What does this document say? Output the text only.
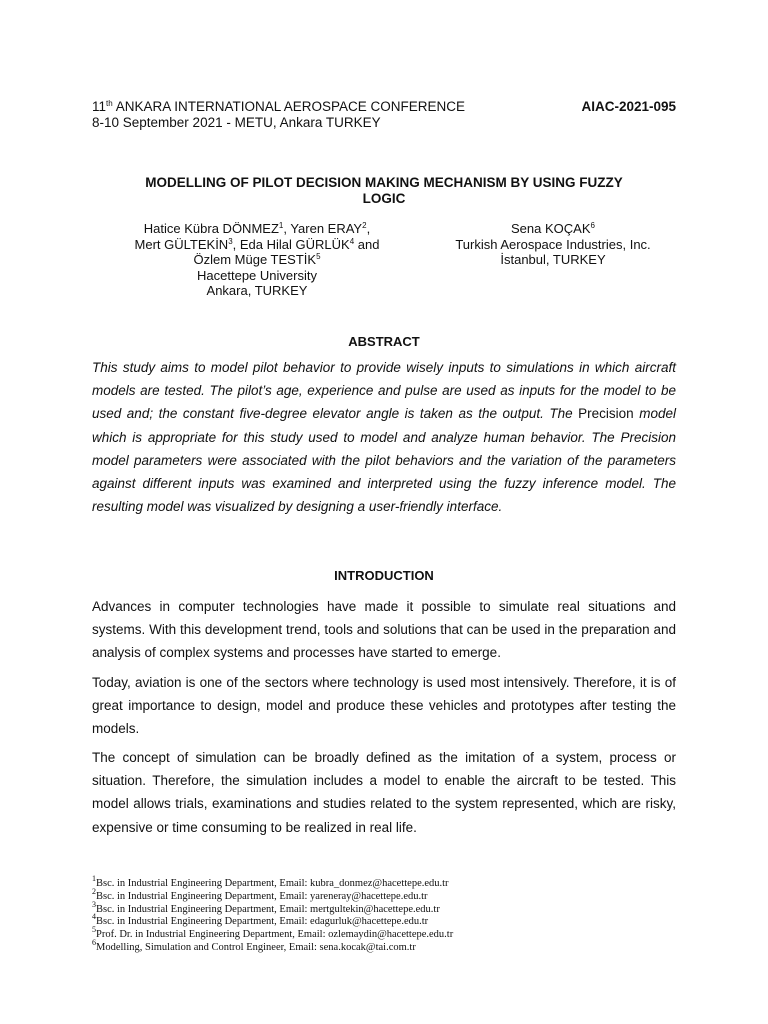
11th ANKARA INTERNATIONAL AEROSPACE CONFERENCE	AIAC-2021-095
8-10 September 2021 - METU, Ankara TURKEY
MODELLING OF PILOT DECISION MAKING MECHANISM BY USING FUZZY
LOGIC
Hatice Kübra DÖNMEZ$^1$, Yaren ERAY$^2$,
Mert GÜLTEKİN$^3$, Eda Hilal GÜRLÜK$^4$ and
Özlem Müge TESTİK$^5$
Hacettepe University
Ankara, TURKEY
Sena KOÇAK$^6$
Turkish Aerospace Industries, Inc.
İstanbul, TURKEY
ABSTRACT

This study aims to model pilot behavior to provide wisely inputs to simulations in which aircraft models are tested. The pilot’s age, experience and pulse are used as inputs for the model to be used and; the constant five-degree elevator angle is taken as the output. The Precision model which is appropriate for this study used to model and analyze human behavior. The Precision model parameters were associated with the pilot behaviors and the variation of the parameters against different inputs was examined and interpreted using the fuzzy inference model. The resulting model was visualized by designing a user-friendly interface.

INTRODUCTION

Advances in computer technologies have made it possible to simulate real situations and systems. With this development trend, tools and solutions that can be used in the preparation and analysis of complex systems and processes have started to emerge.

Today, aviation is one of the sectors where technology is used most intensively. Therefore, it is of great importance to design, model and produce these vehicles and prototypes after testing the models.

The concept of simulation can be broadly defined as the imitation of a system, process or situation. Therefore, the simulation includes a model to enable the aircraft to be tested. This model allows trials, examinations and studies related to the system represented, which are risky, expensive or time consuming to be realized in real life.

$^1$Bsc. in Industrial Engineering Department, Email: kubra_donmez@hacettepe.edu.tr
$^2$Bsc. in Industrial Engineering Department, Email: yareneray@hacettepe.edu.tr
$^3$Bsc. in Industrial Engineering Department, Email: mertgultekin@hacettepe.edu.tr
$^4$Bsc. in Industrial Engineering Department, Email: edagurluk@hacettepe.edu.tr
$^5$Prof. Dr. in Industrial Engineering Department, Email: ozlemaydin@hacettepe.edu.tr
$^6$Modelling, Simulation and Control Engineer, Email: sena.kocak@tai.com.tr
